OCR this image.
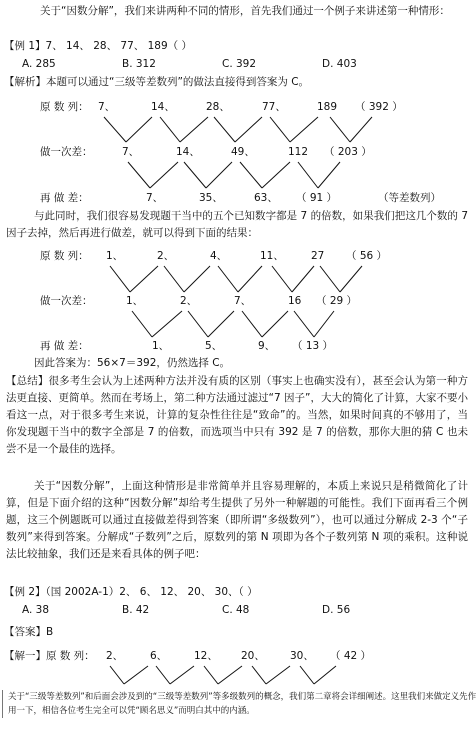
关于“因数分解”，我们来讲两种不同的情形，首先我们通过一个例子来讲述第一种情形：
【例 1】7、 14、 28、 77、 189（ ）
A. 285	B. 312	C. 392	D. 403
【解析】本题可以通过“三级等差数列”的做法直接得到答案为 C。
原 数 列： 7、	14、	28、	77、	189 （ 392 ）
做一次差：	7、	14、	49、	112 （ 203 ）
再 做 差：	7、	35、	63、 （ 91 ）	（等差数列）
与此同时，我们很容易发现题干当中的五个已知数字都是 7 的倍数，如果我们把这几个数的 7 因子去掉，然后再进行做差，就可以得到下面的结果：
原 数 列： 1、	2、	4、	11、	27 （ 56 ）
做一次差：	1、	2、	7、	16 （ 29 ）
再 做 差：	1、	5、	9、 （ 13 ）
因此答案为：56×7＝392，仍然选择 C。
【总结】很多考生会认为上述两种方法并没有质的区别（事实上也确实没有），甚至会认为第一种方法更直接、更简单。然而在考场上，第二种方法通过滤过“7 因子”，大大的简化了计算，大家不要小看这一点，对于很多考生来说，计算的复杂性往往是“致命”的。当然，如果时间真的不够用了，当你发现题干当中的数字全部是 7 的倍数，而选项当中只有 392 是 7 的倍数，那你大胆的猜 C 也未尝不是一个最佳的选择。
关于“因数分解”，上面这种情形是非常简单并且容易理解的，本质上来说只是稍微简化了计算，但是下面介绍的这种“因数分解”却给考生提供了另外一种解题的可能性。我们下面再看三个例题，这三个例题既可以通过直接做差得到答案（即所谓“多级数列”），也可以通过分解成 2-3 个“子数列”来得到答案。分解成“子数列”之后，原数列的第 N 项即为各个子数列第 N 项的乘积。这种说法比较抽象，我们还是来看具体的例子吧：
【例 2】（国 2002A-1）2、 6、 12、 20、 30、（ ）
A. 38	B. 42	C. 48	D. 56
【答案】B
【解一】原 数 列： 2、	6、	12、 20、 30、 （ 42 ）
关于“三级等差数列”和后面会涉及到的“三级等差数列”等多级数列的概念，我们第二章将会详细阐述。这里我们来做定义先作用一下，相信各位考生完全可以凭“顾名思义”而明白其中的内涵。
